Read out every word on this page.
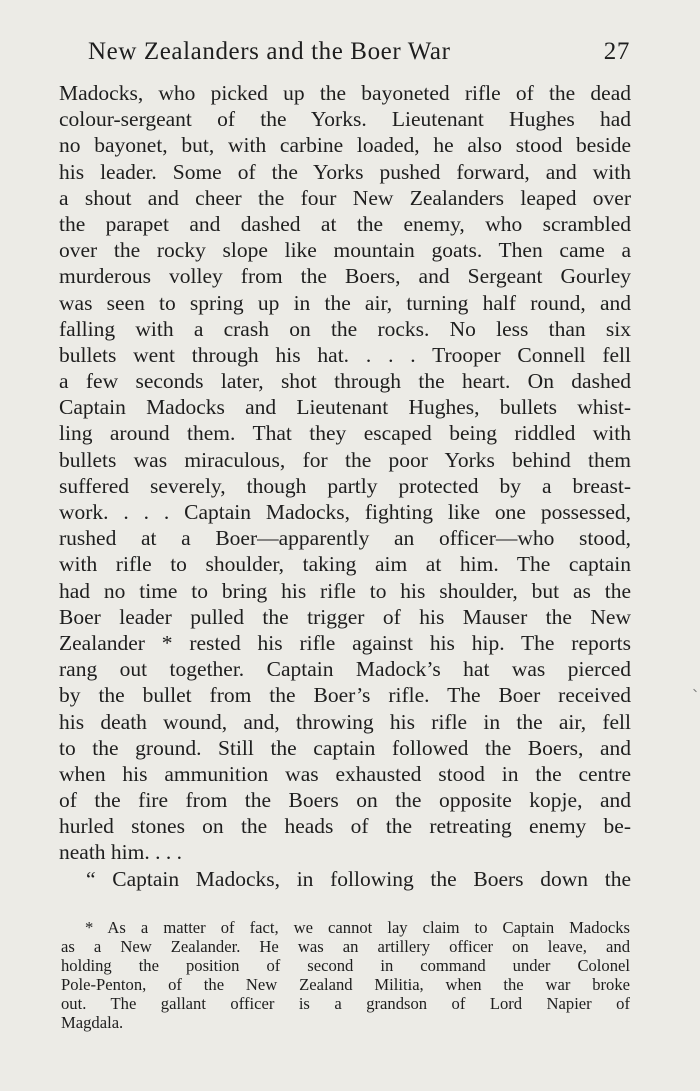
New Zealanders and the Boer War	27
Madocks, who picked up the bayoneted rifle of the dead
colour-sergeant of the Yorks. Lieutenant Hughes had
no bayonet, but, with carbine loaded, he also stood beside
his leader. Some of the Yorks pushed forward, and with
a shout and cheer the four New Zealanders leaped over
the parapet and dashed at the enemy, who scrambled
over the rocky slope like mountain goats. Then came a
murderous volley from the Boers, and Sergeant Gourley
was seen to spring up in the air, turning half round, and
falling with a crash on the rocks. No less than six
bullets went through his hat. . . . Trooper Connell fell
a few seconds later, shot through the heart. On dashed
Captain Madocks and Lieutenant Hughes, bullets whist-
ling around them. That they escaped being riddled with
bullets was miraculous, for the poor Yorks behind them
suffered severely, though partly protected by a breast-
work. . . . Captain Madocks, fighting like one possessed,
rushed at a Boer—apparently an officer—who stood,
with rifle to shoulder, taking aim at him. The captain
had no time to bring his rifle to his shoulder, but as the
Boer leader pulled the trigger of his Mauser the New
Zealander * rested his rifle against his hip. The reports
rang out together. Captain Madock’s hat was pierced
by the bullet from the Boer’s rifle. The Boer received
his death wound, and, throwing his rifle in the air, fell
to the ground. Still the captain followed the Boers, and
when his ammunition was exhausted stood in the centre
of the fire from the Boers on the opposite kopje, and
hurled stones on the heads of the retreating enemy be-
neath him. . . .
“ Captain Madocks, in following the Boers down the
* As a matter of fact, we cannot lay claim to Captain Madocks
as a New Zealander. He was an artillery officer on leave, and
holding the position of second in command under Colonel
Pole-Penton, of the New Zealand Militia, when the war broke
out. The gallant officer is a grandson of Lord Napier of
Magdala.
